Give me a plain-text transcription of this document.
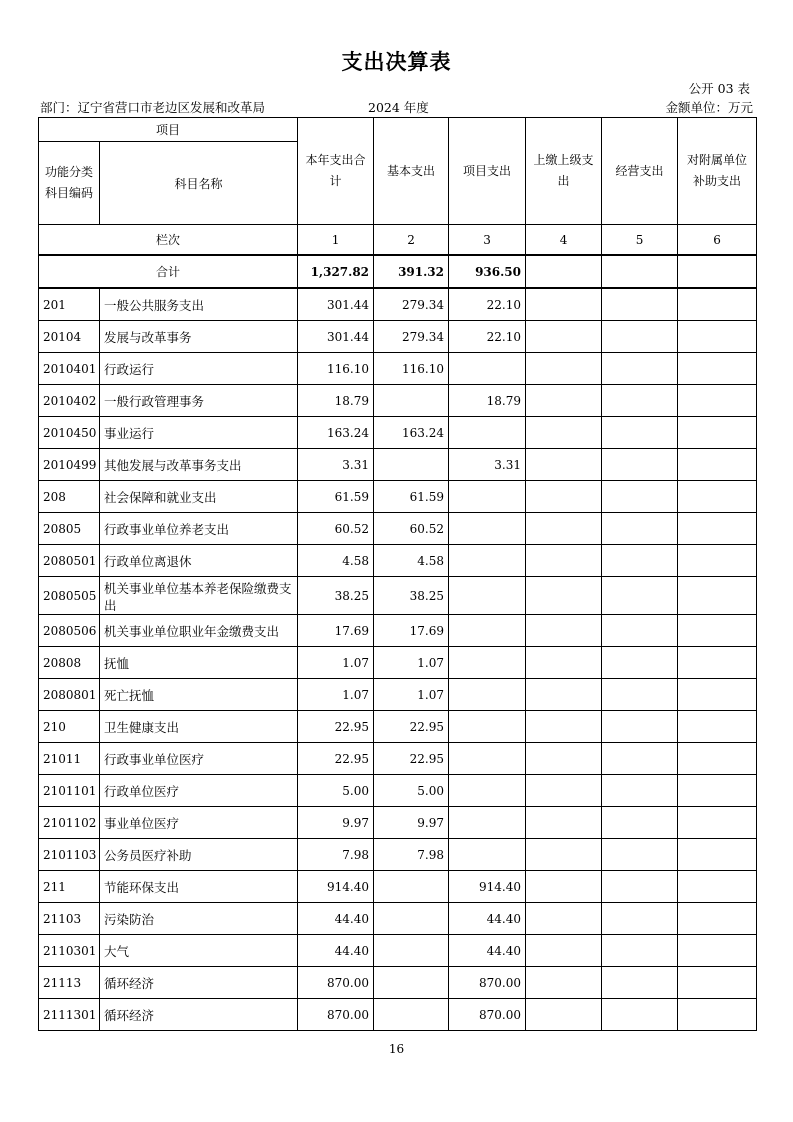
支出决算表
公开 03 表
部门：辽宁省营口市老边区发展和改革局	2024 年度	金额单位：万元
项目		本年支出合计	基本支出	项目支出	上缴上级支出	经营支出	对附属单位补助支出
功能分类科目编码	科目名称						
栏次		1	2	3	4	5	6
合计		1,327.82	391.32	936.50			
201	一般公共服务支出	301.44	279.34	22.10			
20104	发展与改革事务	301.44	279.34	22.10			
2010401	行政运行	116.10	116.10				
2010402	一般行政管理事务	18.79		18.79			
2010450	事业运行	163.24	163.24				
2010499	其他发展与改革事务支出	3.31		3.31			
208	社会保障和就业支出	61.59	61.59				
20805	行政事业单位养老支出	60.52	60.52				
2080501	行政单位离退休	4.58	4.58				
2080505	机关事业单位基本养老保险缴费支出	38.25	38.25				
2080506	机关事业单位职业年金缴费支出	17.69	17.69				
20808	抚恤	1.07	1.07				
2080801	死亡抚恤	1.07	1.07				
210	卫生健康支出	22.95	22.95				
21011	行政事业单位医疗	22.95	22.95				
2101101	行政单位医疗	5.00	5.00				
2101102	事业单位医疗	9.97	9.97				
2101103	公务员医疗补助	7.98	7.98				
211	节能环保支出	914.40		914.40			
21103	污染防治	44.40		44.40			
2110301	大气	44.40		44.40			
21113	循环经济	870.00		870.00			
2111301	循环经济	870.00		870.00			
16
